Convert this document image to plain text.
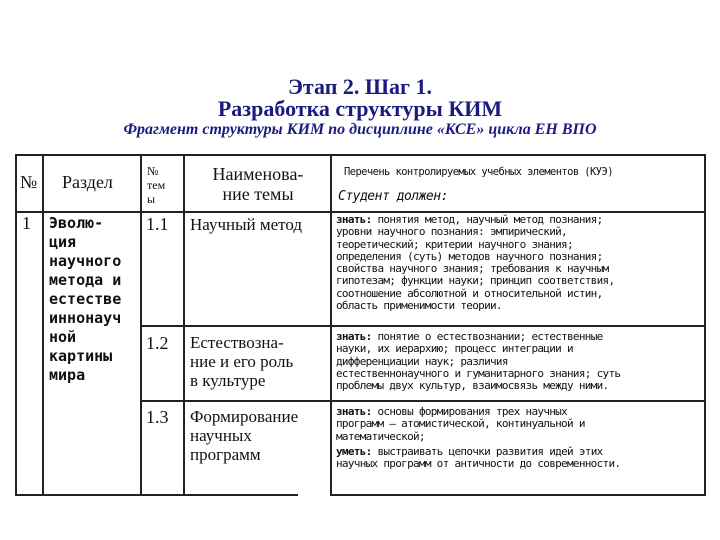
Этап 2. Шаг 1.
Разработка структуры КИМ
Фрагмент структуры КИМ по дисциплине «КСЕ» цикла ЕН ВПО
№ Раздел
№
тем
ы
Наименова-
ние темы
Перечень контролируемых учебных элементов (КУЭ)
Студент должен:
1 Эволю-
ция
научного
метода и
естестве
иннонауч
ной
картины
мира
1.1 Научный метод	знать: понятия метод, научный метод познания;
уровни научного познания: эмпирический,
теоретический; критерии научного знания;
определения (суть) методов научного познания;
свойства научного знания; требования к научным
гипотезам; функции науки; принцип соответствия,
соотношение абсолютной и относительной истин,
область применимости теории.
1.2 Естествозна-
ние и его роль
в культуре
знать: понятие о естествознании; естественные
науки, их иерархию; процесс интеграции и
дифференциации наук; различия
естественнонаучного и гуманитарного знания; суть
проблемы двух культур, взаимосвязь между ними.
1.3 Формирование
научных
программ
знать: основы формирования трех научных
программ – атомистической, континуальной и
математической;
уметь: выстраивать цепочки развития идей этих
научных программ от античности до современности.
